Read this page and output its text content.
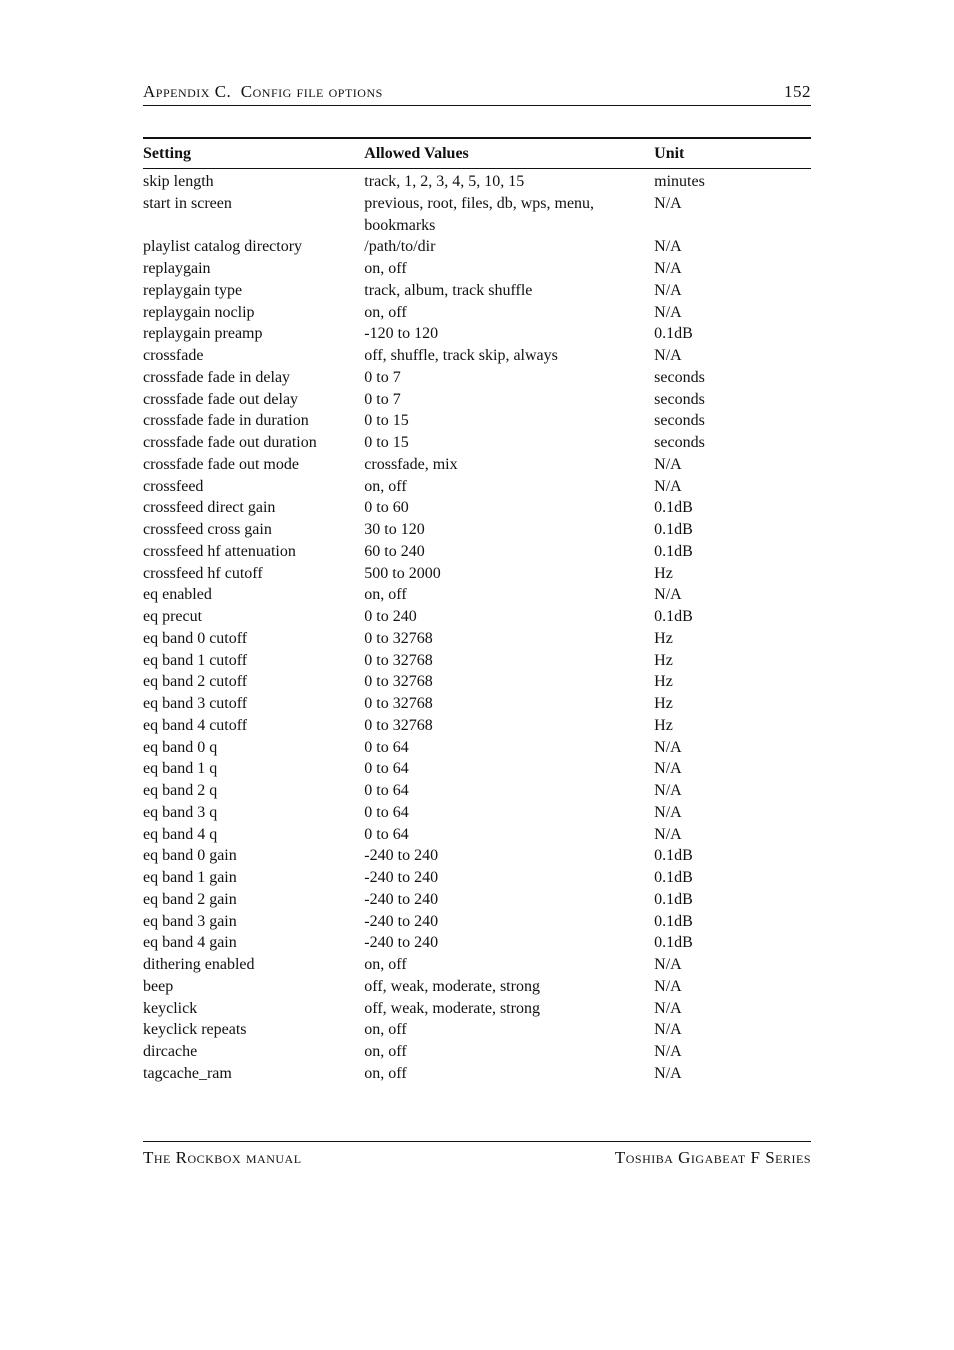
Appendix C. Config file options	152
Setting	Allowed Values	Unit
skip length	track, 1, 2, 3, 4, 5, 10, 15	minutes
start in screen	previous, root, files, db, wps, menu, bookmarks	N/A
playlist catalog directory	/path/to/dir	N/A
replaygain	on, off	N/A
replaygain type	track, album, track shuffle	N/A
replaygain noclip	on, off	N/A
replaygain preamp	-120 to 120	0.1dB
crossfade	off, shuffle, track skip, always	N/A
crossfade fade in delay	0 to 7	seconds
crossfade fade out delay	0 to 7	seconds
crossfade fade in duration	0 to 15	seconds
crossfade fade out duration	0 to 15	seconds
crossfade fade out mode	crossfade, mix	N/A
crossfeed	on, off	N/A
crossfeed direct gain	0 to 60	0.1dB
crossfeed cross gain	30 to 120	0.1dB
crossfeed hf attenuation	60 to 240	0.1dB
crossfeed hf cutoff	500 to 2000	Hz
eq enabled	on, off	N/A
eq precut	0 to 240	0.1dB
eq band 0 cutoff	0 to 32768	Hz
eq band 1 cutoff	0 to 32768	Hz
eq band 2 cutoff	0 to 32768	Hz
eq band 3 cutoff	0 to 32768	Hz
eq band 4 cutoff	0 to 32768	Hz
eq band 0 q	0 to 64	N/A
eq band 1 q	0 to 64	N/A
eq band 2 q	0 to 64	N/A
eq band 3 q	0 to 64	N/A
eq band 4 q	0 to 64	N/A
eq band 0 gain	-240 to 240	0.1dB
eq band 1 gain	-240 to 240	0.1dB
eq band 2 gain	-240 to 240	0.1dB
eq band 3 gain	-240 to 240	0.1dB
eq band 4 gain	-240 to 240	0.1dB
dithering enabled	on, off	N/A
beep	off, weak, moderate, strong	N/A
keyclick	off, weak, moderate, strong	N/A
keyclick repeats	on, off	N/A
dircache	on, off	N/A
tagcache_ram	on, off	N/A
The Rockbox manual	Toshiba Gigabeat F Series
